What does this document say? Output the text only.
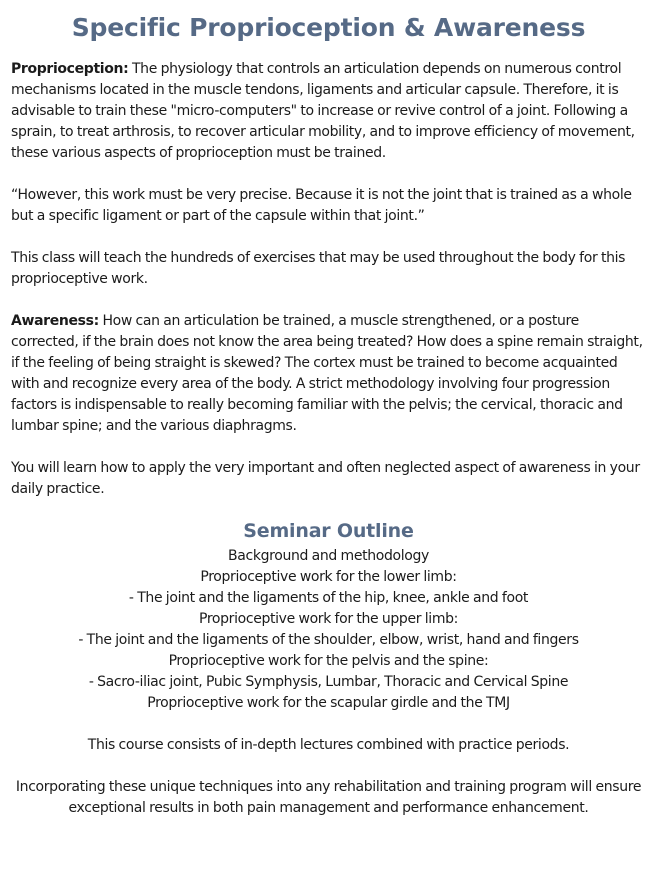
Specific Proprioception & Awareness

Proprioception: The physiology that controls an articulation depends on numerous control mechanisms located in the muscle tendons, ligaments and articular capsule. Therefore, it is advisable to train these "micro-computers" to increase or revive control of a joint. Following a sprain, to treat arthrosis, to recover articular mobility, and to improve efficiency of movement, these various aspects of proprioception must be trained.

“However, this work must be very precise. Because it is not the joint that is trained as a whole but a specific ligament or part of the capsule within that joint.”

This class will teach the hundreds of exercises that may be used throughout the body for this proprioceptive work.

Awareness: How can an articulation be trained, a muscle strengthened, or a posture corrected, if the brain does not know the area being treated? How does a spine remain straight, if the feeling of being straight is skewed? The cortex must be trained to become acquainted with and recognize every area of the body. A strict methodology involving four progression factors is indispensable to really becoming familiar with the pelvis; the cervical, thoracic and lumbar spine; and the various diaphragms.

You will learn how to apply the very important and often neglected aspect of awareness in your daily practice.

Seminar Outline
Background and methodology
Proprioceptive work for the lower limb:
- The joint and the ligaments of the hip, knee, ankle and foot
Proprioceptive work for the upper limb:
- The joint and the ligaments of the shoulder, elbow, wrist, hand and fingers
Proprioceptive work for the pelvis and the spine:
- Sacro-iliac joint, Pubic Symphysis, Lumbar, Thoracic and Cervical Spine
Proprioceptive work for the scapular girdle and the TMJ

This course consists of in-depth lectures combined with practice periods.

Incorporating these unique techniques into any rehabilitation and training program will ensure exceptional results in both pain management and performance enhancement.
